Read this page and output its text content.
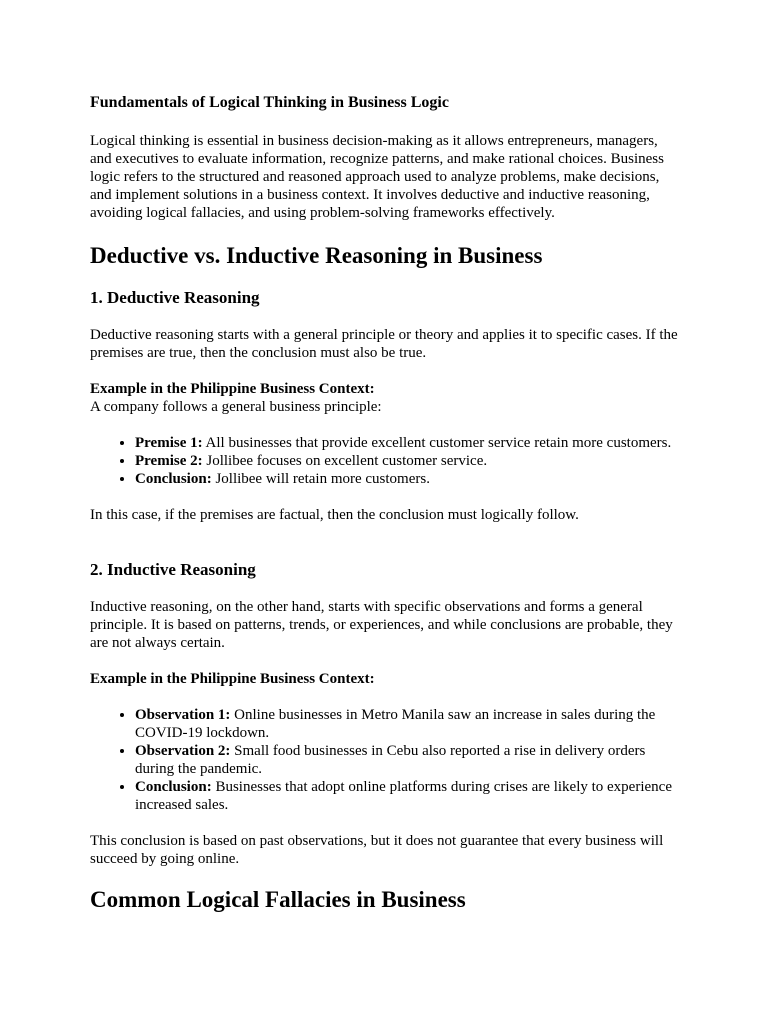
Fundamentals of Logical Thinking in Business Logic

Logical thinking is essential in business decision-making as it allows entrepreneurs, managers, and executives to evaluate information, recognize patterns, and make rational choices. Business logic refers to the structured and reasoned approach used to analyze problems, make decisions, and implement solutions in a business context. It involves deductive and inductive reasoning, avoiding logical fallacies, and using problem-solving frameworks effectively.

Deductive vs. Inductive Reasoning in Business
1. Deductive Reasoning

Deductive reasoning starts with a general principle or theory and applies it to specific cases. If the premises are true, then the conclusion must also be true.

Example in the Philippine Business Context:

A company follows a general business principle:

• Premise 1: All businesses that provide excellent customer service retain more customers.
• Premise 2: Jollibee focuses on excellent customer service.
• Conclusion: Jollibee will retain more customers.

In this case, if the premises are factual, then the conclusion must logically follow.

2. Inductive Reasoning

Inductive reasoning, on the other hand, starts with specific observations and forms a general principle. It is based on patterns, trends, or experiences, and while conclusions are probable, they are not always certain.

Example in the Philippine Business Context:

• Observation 1: Online businesses in Metro Manila saw an increase in sales during the COVID-19 lockdown.
• Observation 2: Small food businesses in Cebu also reported a rise in delivery orders during the pandemic.
• Conclusion: Businesses that adopt online platforms during crises are likely to experience increased sales.

This conclusion is based on past observations, but it does not guarantee that every business will succeed by going online.

Common Logical Fallacies in Business
